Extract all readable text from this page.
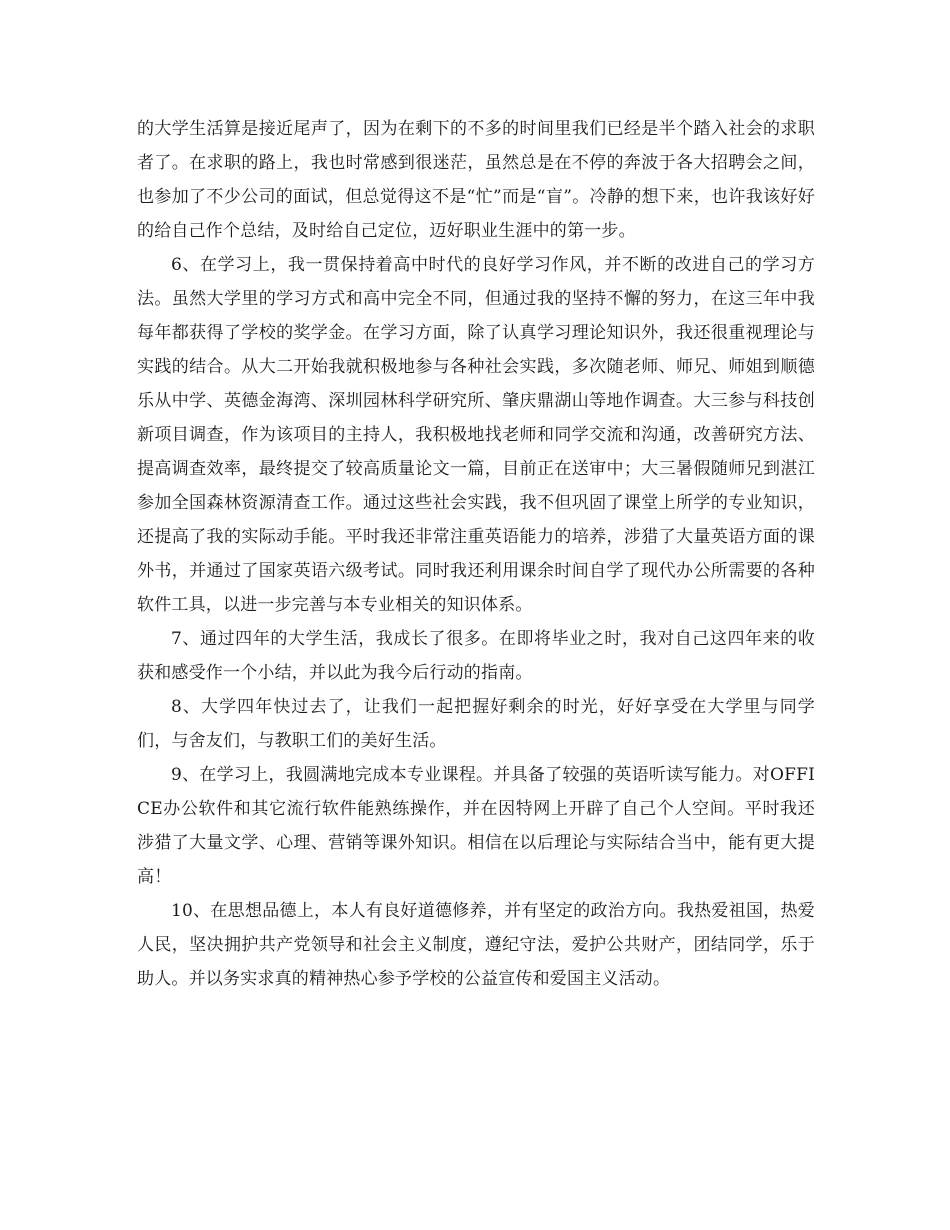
的大学生活算是接近尾声了，因为在剩下的不多的时间里我们已经是半个踏入社会的求职者了。在求职的路上，我也时常感到很迷茫，虽然总是在不停的奔波于各大招聘会之间，也参加了不少公司的面试，但总觉得这不是“忙”而是“盲”。冷静的想下来，也许我该好好的给自己作个总结，及时给自己定位，迈好职业生涯中的第一步。

6、在学习上，我一贯保持着高中时代的良好学习作风，并不断的改进自己的学习方法。虽然大学里的学习方式和高中完全不同，但通过我的坚持不懈的努力，在这三年中我每年都获得了学校的奖学金。在学习方面，除了认真学习理论知识外，我还很重视理论与实践的结合。从大二开始我就积极地参与各种社会实践，多次随老师、师兄、师姐到顺德乐从中学、英德金海湾、深圳园林科学研究所、肇庆鼎湖山等地作调查。大三参与科技创新项目调查，作为该项目的主持人，我积极地找老师和同学交流和沟通，改善研究方法、提高调查效率，最终提交了较高质量论文一篇，目前正在送审中；大三暑假随师兄到湛江参加全国森林资源清查工作。通过这些社会实践，我不但巩固了课堂上所学的专业知识，还提高了我的实际动手能。平时我还非常注重英语能力的培养，涉猎了大量英语方面的课外书，并通过了国家英语六级考试。同时我还利用课余时间自学了现代办公所需要的各种软件工具，以进一步完善与本专业相关的知识体系。

7、通过四年的大学生活，我成长了很多。在即将毕业之时，我对自己这四年来的收获和感受作一个小结，并以此为我今后行动的指南。

8、大学四年快过去了，让我们一起把握好剩余的时光，好好享受在大学里与同学们，与舍友们，与教职工们的美好生活。

9、在学习上，我圆满地完成本专业课程。并具备了较强的英语听读写能力。对OFFICE办公软件和其它流行软件能熟练操作，并在因特网上开辟了自己个人空间。平时我还涉猎了大量文学、心理、营销等课外知识。相信在以后理论与实际结合当中，能有更大提高！

10、在思想品德上，本人有良好道德修养，并有坚定的政治方向。我热爱祖国，热爱人民，坚决拥护共产党领导和社会主义制度，遵纪守法，爱护公共财产，团结同学，乐于助人。并以务实求真的精神热心参予学校的公益宣传和爱国主义活动。
